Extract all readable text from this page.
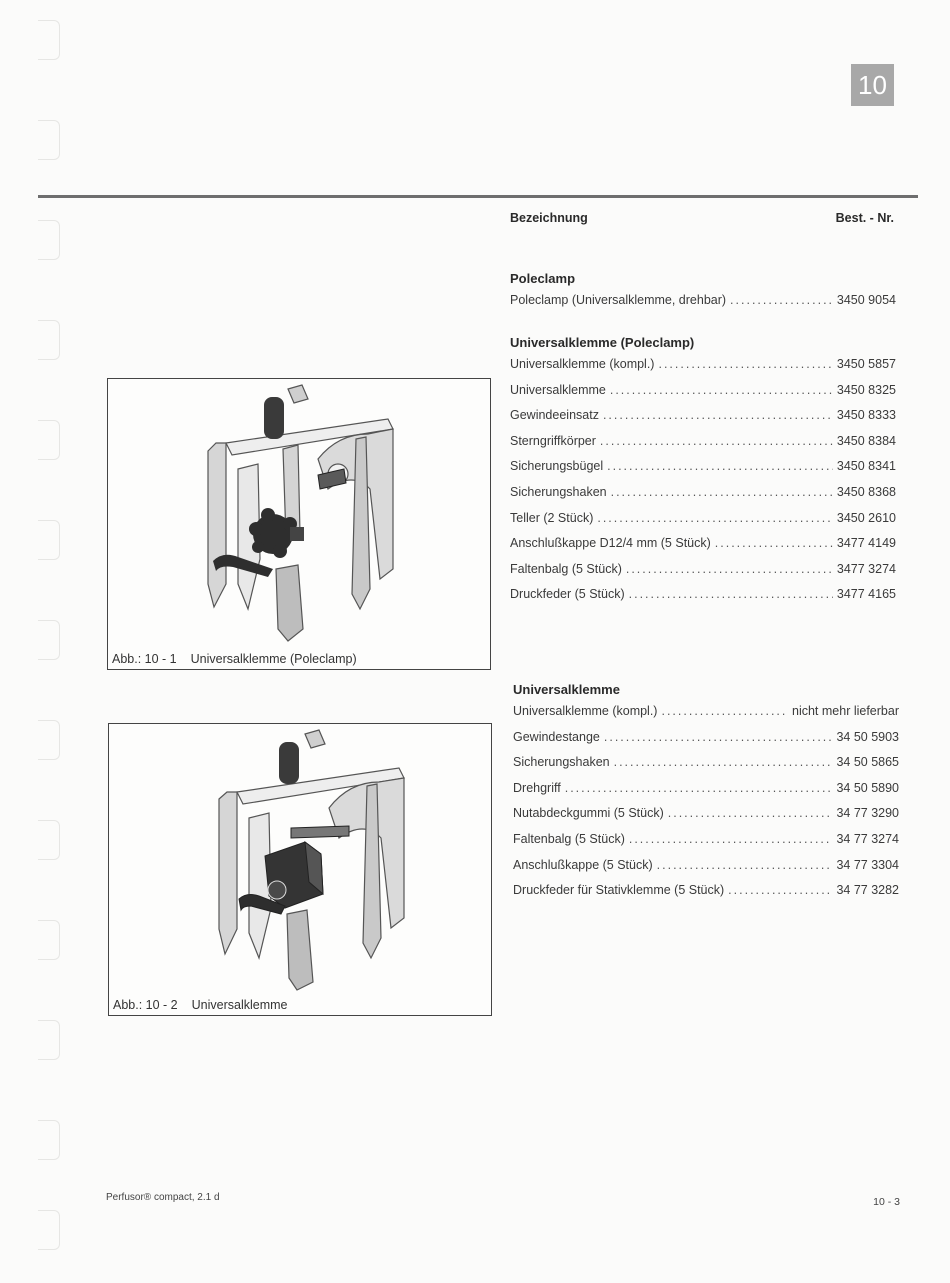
10
Bezeichnung	Best. - Nr.
Poleclamp
Poleclamp (Universalklemme, drehbar) .....	3450 9054
Universalklemme (Poleclamp)
Universalklemme (kompl.) .....	3450 5857
Universalklemme .....	3450 8325
Gewindeeinsatz .....	3450 8333
Sterngriffkörper .....	3450 8384
Sicherungsbügel .....	3450 8341
Sicherungshaken .....	3450 8368
Teller (2 Stück) .....	3450 2610
Anschlußkappe D12/4 mm (5 Stück) .....	3477 4149
Faltenbalg (5 Stück) .....	3477 3274
Druckfeder (5 Stück) .....	3477 4165
Universalklemme
Universalklemme (kompl.) .....	nicht mehr lieferbar
Gewindestange .....	34 50 5903
Sicherungshaken .....	34 50 5865
Drehgriff .....	34 50 5890
Nutabdeckgummi (5 Stück) .....	34 77 3290
Faltenbalg (5 Stück) .....	34 77 3274
Anschlußkappe (5 Stück) .....	34 77 3304
Druckfeder für Stativklemme (5 Stück) .....	34 77 3282
Abb.: 10 - 1 Universalklemme (Poleclamp)
Abb.: 10 - 2 Universalklemme
Perfusor® compact, 2.1 d	10 - 3
